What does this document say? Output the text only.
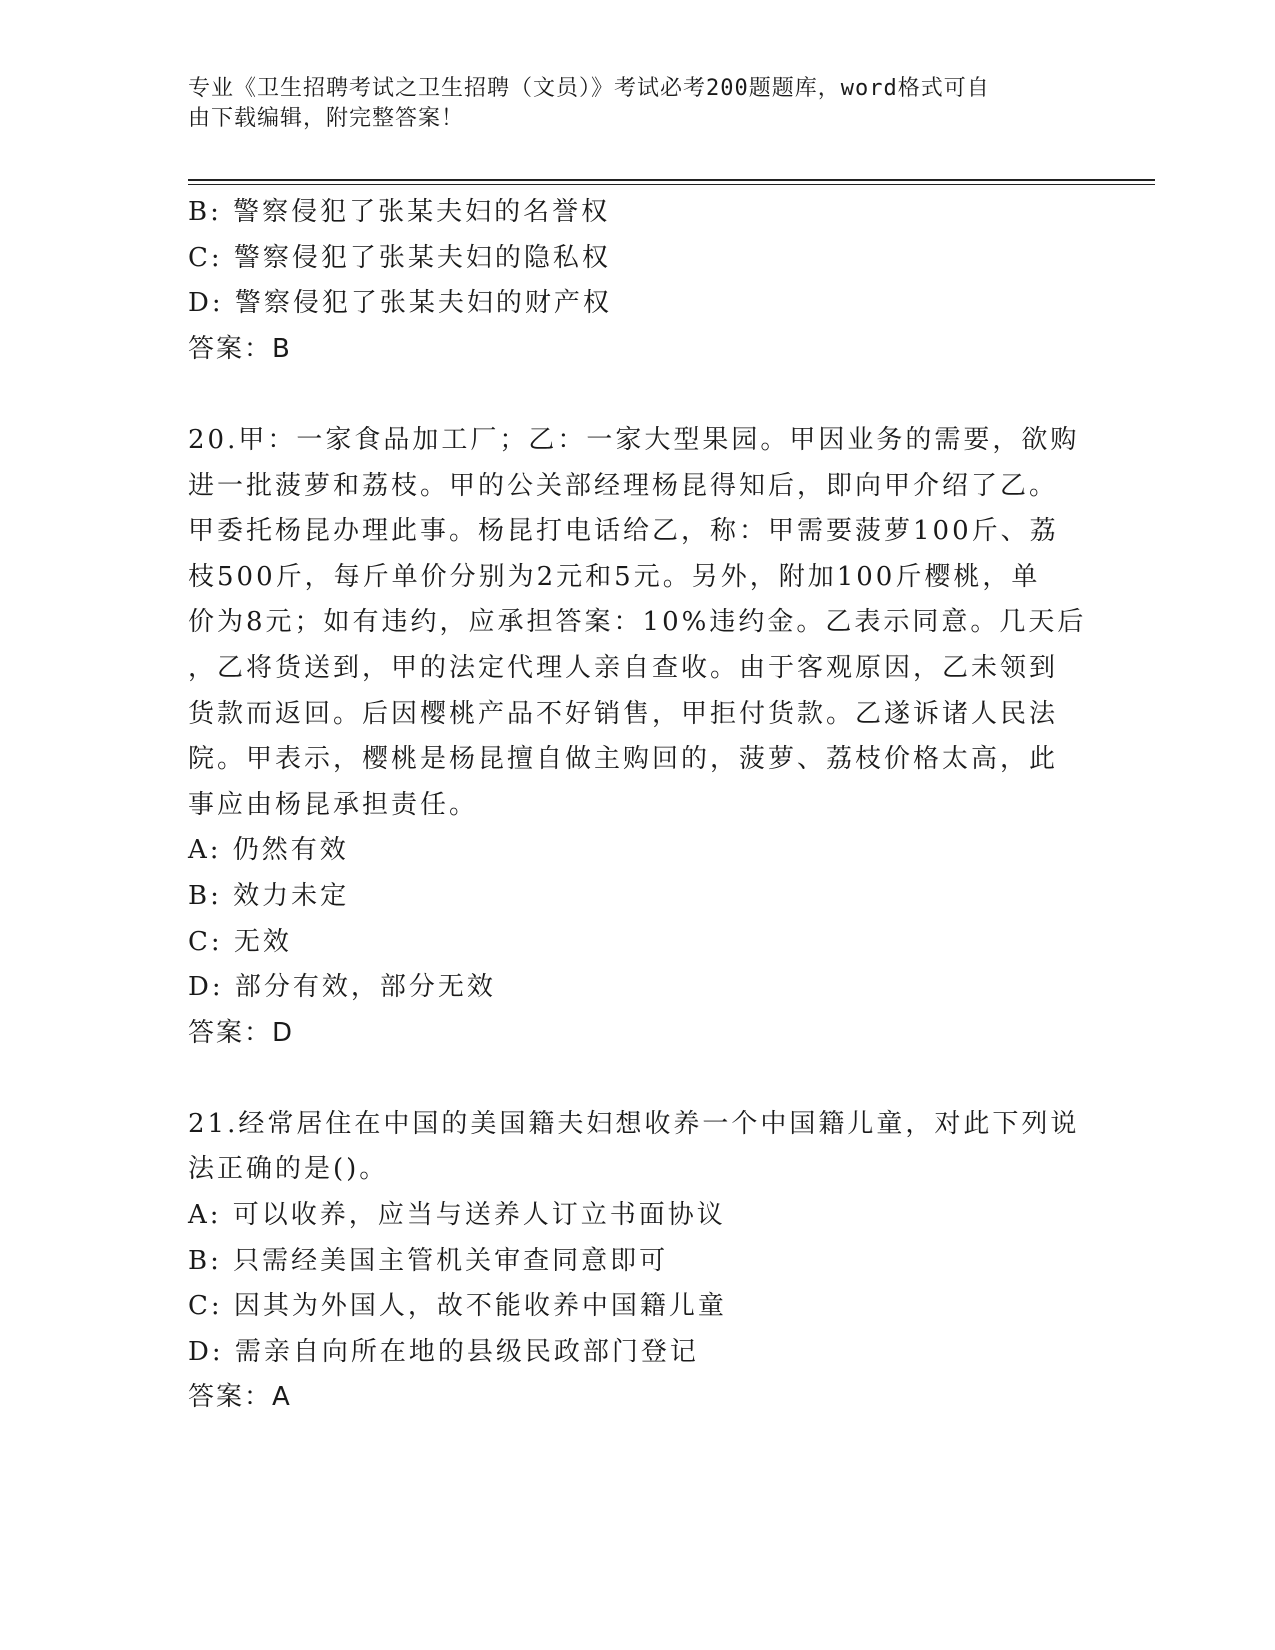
专业《卫生招聘考试之卫生招聘（文员）》考试必考200题题库，word格式可自
由下载编辑，附完整答案！
B: 警察侵犯了张某夫妇的名誉权
C: 警察侵犯了张某夫妇的隐私权
D: 警察侵犯了张某夫妇的财产权
答案：B
20.甲：一家食品加工厂；乙：一家大型果园。甲因业务的需要，欲购
进一批菠萝和荔枝。甲的公关部经理杨昆得知后，即向甲介绍了乙。
甲委托杨昆办理此事。杨昆打电话给乙，称：甲需要菠萝100斤、荔
枝500斤，每斤单价分别为2元和5元。另外，附加100斤樱桃，单
价为8元；如有违约，应承担答案：10%违约金。乙表示同意。几天后
，乙将货送到，甲的法定代理人亲自查收。由于客观原因，乙未领到
货款而返回。后因樱桃产品不好销售，甲拒付货款。乙遂诉诸人民法
院。甲表示，樱桃是杨昆擅自做主购回的，菠萝、荔枝价格太高，此
事应由杨昆承担责任。
A: 仍然有效
B: 效力未定
C: 无效
D: 部分有效，部分无效
答案：D
21.经常居住在中国的美国籍夫妇想收养一个中国籍儿童，对此下列说
法正确的是()。
A: 可以收养，应当与送养人订立书面协议
B: 只需经美国主管机关审查同意即可
C: 因其为外国人，故不能收养中国籍儿童
D: 需亲自向所在地的县级民政部门登记
答案：A
